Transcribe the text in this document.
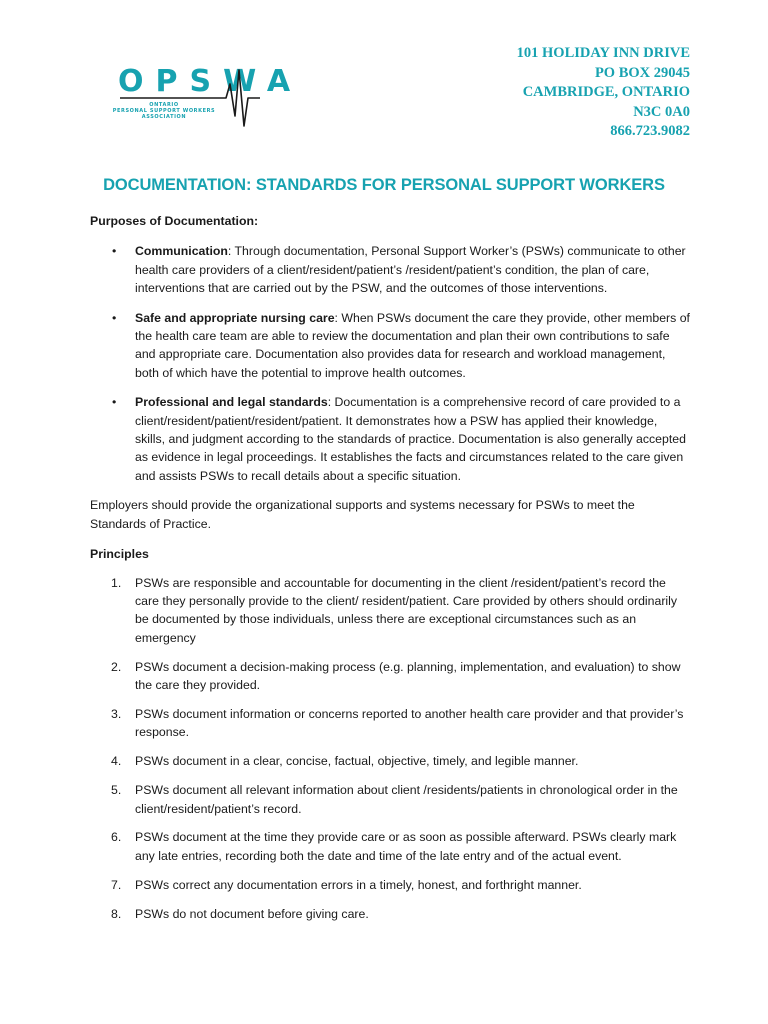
OPSWA
ONTARIO
PERSONAL SUPPORT WORKERS
ASSOCIATION
101 HOLIDAY INN DRIVE
PO BOX 29045
CAMBRIDGE, ONTARIO
N3C 0A0
866.723.9082
DOCUMENTATION: STANDARDS FOR PERSONAL SUPPORT WORKERS

Purposes of Documentation:

• Communication: Through documentation, Personal Support Worker’s (PSWs) communicate to other health care providers of a client/resident/patient’s /resident/patient’s condition, the plan of care, interventions that are carried out by the PSW, and the outcomes of those interventions.
• Safe and appropriate nursing care: When PSWs document the care they provide, other members of the health care team are able to review the documentation and plan their own contributions to safe and appropriate care. Documentation also provides data for research and workload management, both of which have the potential to improve health outcomes.
• Professional and legal standards: Documentation is a comprehensive record of care provided to a client/resident/patient/resident/patient. It demonstrates how a PSW has applied their knowledge, skills, and judgment according to the standards of practice. Documentation is also generally accepted as evidence in legal proceedings. It establishes the facts and circumstances related to the care given and assists PSWs to recall details about a specific situation.

Employers should provide the organizational supports and systems necessary for PSWs to meet the Standards of Practice.

Principles

1. PSWs are responsible and accountable for documenting in the client /resident/patient’s record the care they personally provide to the client/ resident/patient. Care provided by others should ordinarily be documented by those individuals, unless there are exceptional circumstances such as an emergency
2. PSWs document a decision-making process (e.g. planning, implementation, and evaluation) to show the care they provided.
3. PSWs document information or concerns reported to another health care provider and that provider’s response.
4. PSWs document in a clear, concise, factual, objective, timely, and legible manner.
5. PSWs document all relevant information about client /residents/patients in chronological order in the client/resident/patient’s record.
6. PSWs document at the time they provide care or as soon as possible afterward. PSWs clearly mark any late entries, recording both the date and time of the late entry and of the actual event.
7. PSWs correct any documentation errors in a timely, honest, and forthright manner.
8. PSWs do not document before giving care.
